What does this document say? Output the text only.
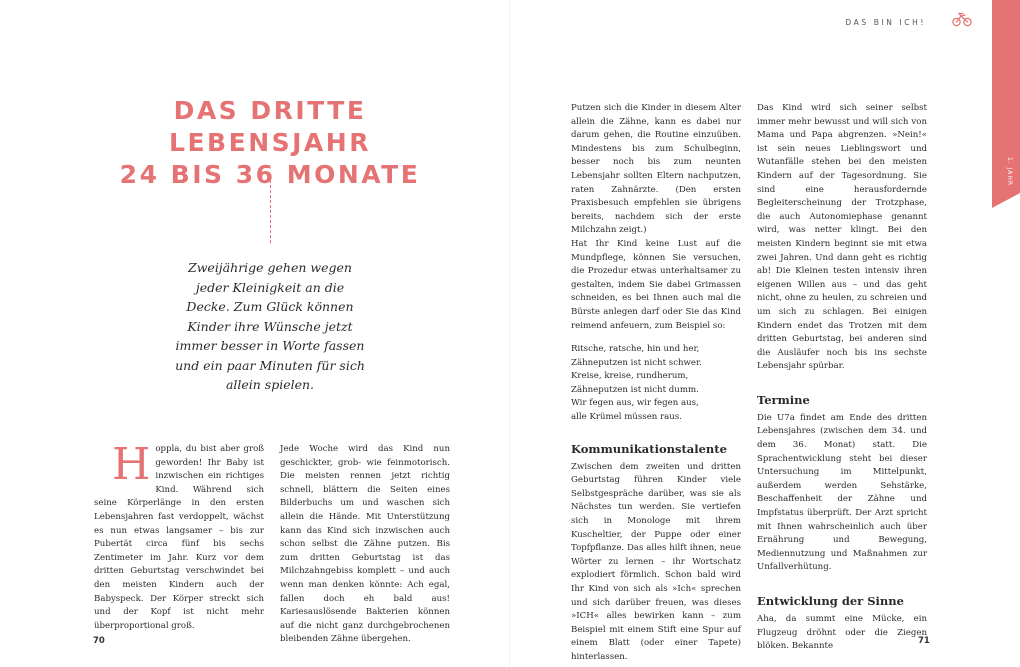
DAS DRITTE LEBENSJAHR
24 BIS 36 MONATE
Zweijährige gehen wegen jeder Kleinigkeit an die Decke. Zum Glück können Kinder ihre Wünsche jetzt immer besser in Worte fassen und ein paar Minuten für sich allein spielen.
H oppla, du bist aber groß geworden! Ihr Baby ist inzwischen ein richtiges Kind. Während sich seine Körperlänge in den ersten Lebensjahren fast verdoppelt, wächst es nun etwas langsamer – bis zur Pubertät circa fünf bis sechs Zentimeter im Jahr. Kurz vor dem dritten Geburtstag verschwindet bei den meisten Kindern auch der Babyspeck. Der Körper streckt sich und der Kopf ist nicht mehr überproportional groß.

Jede Woche wird das Kind nun geschickter, grob- wie feinmotorisch. Die meisten rennen jetzt richtig schnell, blättern die Seiten eines Bilderbuchs um und waschen sich allein die Hände. Mit Unterstützung kann das Kind sich inzwischen auch schon selbst die Zähne putzen. Bis zum dritten Geburtstag ist das Milchzahngebiss komplett – und auch wenn man denken könnte: Ach egal, fallen doch eh bald aus! Kariesauslösende Bakterien können auf die nicht ganz durchgebrochenen bleibenden Zähne übergehen.

70
DAS BIN ICH!
1. JAHR

Putzen sich die Kinder in diesem Alter allein die Zähne, kann es dabei nur darum gehen, die Routine einzuüben. Mindestens bis zum Schulbeginn, besser noch bis zum neunten Lebensjahr sollten Eltern nachputzen, raten Zahnärzte. (Den ersten Praxisbesuch empfehlen sie übrigens bereits, nachdem sich der erste Milchzahn zeigt.)

Hat Ihr Kind keine Lust auf die Mundpflege, können Sie versuchen, die Prozedur etwas unterhaltsamer zu gestalten, indem Sie dabei Grimassen schneiden, es bei Ihnen auch mal die Bürste anlegen darf oder Sie das Kind reimend anfeuern, zum Beispiel so:

Ritsche, ratsche, hin und her,

Zähneputzen ist nicht schwer.

Kreise, kreise, rundherum,

Zähneputzen ist nicht dumm.

Wir fegen aus, wir fegen aus,

alle Krümel müssen raus.

Kommunikationstalente

Zwischen dem zweiten und dritten Geburtstag führen Kinder viele Selbstgespräche darüber, was sie als Nächstes tun werden. Sie vertiefen sich in Monologe mit ihrem Kuscheltier, der Puppe oder einer Topfpflanze. Das alles hilft ihnen, neue Wörter zu lernen – ihr Wortschatz explodiert förmlich. Schon bald wird Ihr Kind von sich als »Ich« sprechen und sich darüber freuen, was dieses »ICH« alles bewirken kann – zum Beispiel mit einem Stift eine Spur auf einem Blatt (oder einer Tapete) hinterlassen.

Das Kind wird sich seiner selbst immer mehr bewusst und will sich von Mama und Papa abgrenzen. »Nein!« ist sein neues Lieblingswort und Wutanfälle stehen bei den meisten Kindern auf der Tagesordnung. Sie sind eine herausfordernde Begleiterscheinung der Trotzphase, die auch Autonomiephase genannt wird, was netter klingt. Bei den meisten Kindern beginnt sie mit etwa zwei Jahren. Und dann geht es richtig ab! Die Kleinen testen intensiv ihren eigenen Willen aus – und das geht nicht, ohne zu heulen, zu schreien und um sich zu schlagen. Bei einigen Kindern endet das Trotzen mit dem dritten Geburtstag, bei anderen sind die Ausläufer noch bis ins sechste Lebensjahr spürbar.

Termine

Die U7a findet am Ende des dritten Lebensjahres (zwischen dem 34. und dem 36. Monat) statt. Die Sprachentwicklung steht bei dieser Untersuchung im Mittelpunkt, außerdem werden Sehstärke, Beschaffenheit der Zähne und Impfstatus überprüft. Der Arzt spricht mit Ihnen wahrscheinlich auch über Ernährung und Bewegung, Mediennutzung und Maßnahmen zur Unfallverhütung.

Entwicklung der Sinne

Aha, da summt eine Mücke, ein Flugzeug dröhnt oder die Ziegen blöken. Bekannte

71
